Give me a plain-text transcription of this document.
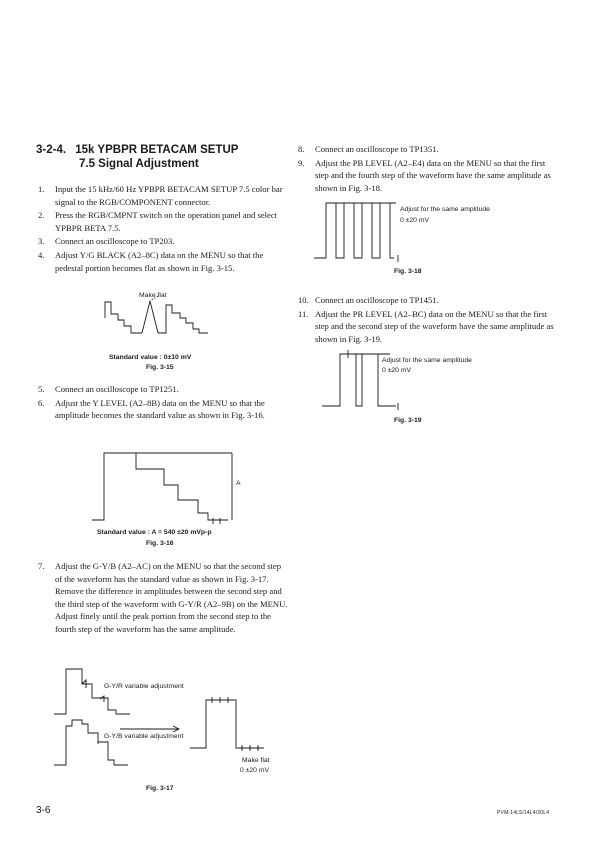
3-2-4. 15k YPBPR BETACAM SETUP
7.5 Signal Adjustment
1. Input the 15 kHz/60 Hz YPBPR BETACAM SETUP 7.5 color bar signal to the RGB/COMPONENT connector.
2. Press the RGB/CMPNT switch on the operation panel and select YPBPR BETA 7.5.
3. Connect an oscilloscope to TP203.
4. Adjust Y/G BLACK (A2–8C) data on the MENU so that the pedestal portion becomes flat as shown in Fig. 3-15.
Make flat
Standard value : 0±10 mV
Fig. 3-15
5. Connect an oscilloscope to TP1251.
6. Adjust the Y LEVEL (A2–8B) data on the MENU so that the amplitude becomes the standard value as shown in Fig. 3-16.
A
Standard value : A = 540 ±20 mVp-p
Fig. 3-16
7. Adjust the G-Y/B (A2–AC) on the MENU so that the second step of the waveform has the standard value as shown in Fig. 3-17. Remove the difference in amplitudes between the second step and the third step of the waveform with G-Y/R (A2–9B) on the MENU. Adjust finely until the peak portion from the second step to the fourth step of the waveform has the same amplitude.
G-Y/R variable adjustment
G-Y/B variable adjustment
Make flat
0 ±20 mV
Fig. 3-17
8. Connect an oscilloscope to TP1351.
9. Adjust the PB LEVEL (A2–E4) data on the MENU so that the first step and the fourth step of the waveform have the same amplitude as shown in Fig. 3-18.
Adjust for the same amplitude
0 ±20 mV
Fig. 3-18
10. Connect an oscilloscope to TP1451.
11. Adjust the PR LEVEL (A2–BC) data on the MENU so that the first step and the second step of the waveform have the same amplitude as shown in Fig. 3-19.
Adjust for the same amplitude
0 ±20 mV
Fig. 3-19
3-6	PVM-14L5/14L4/20L4
